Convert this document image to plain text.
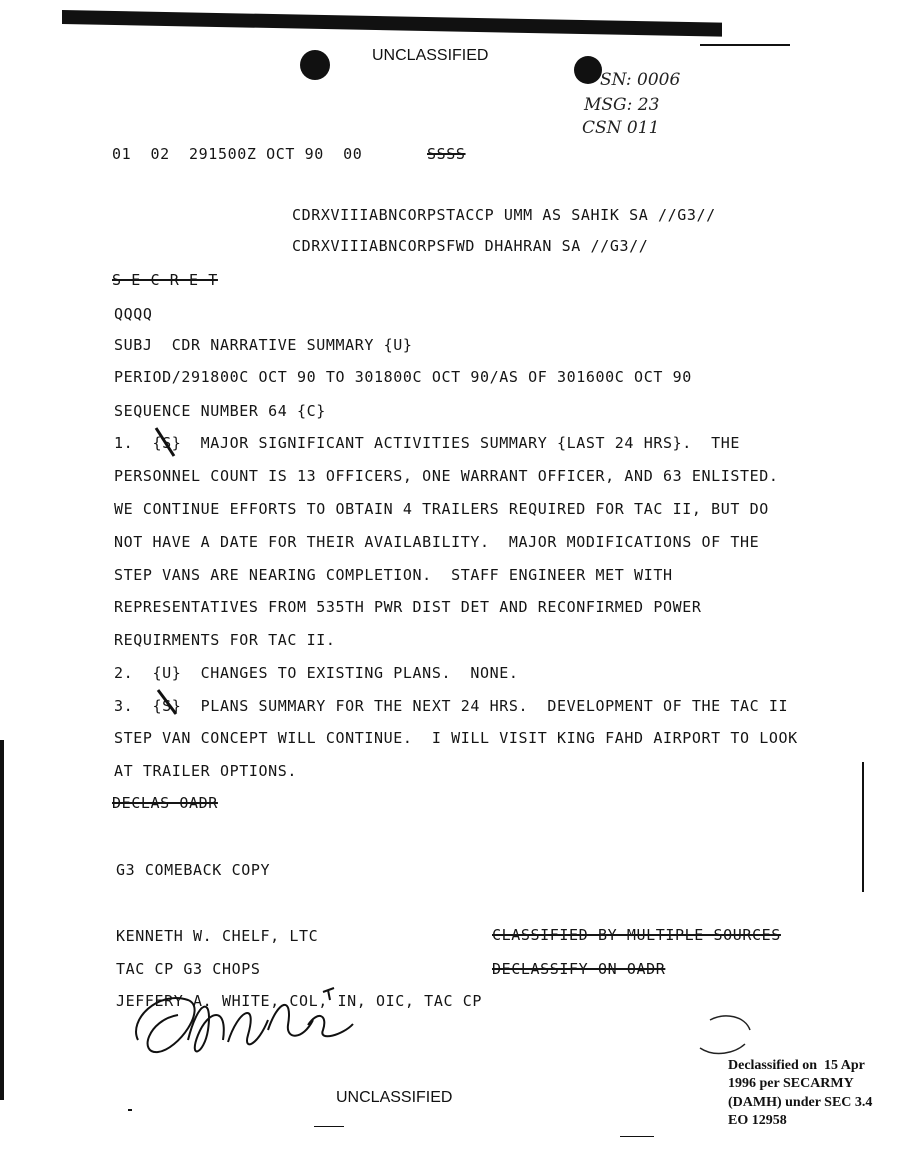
UNCLASSIFIED
SN: 0006
MSG: 23
CSN 011
01  02  291500Z OCT 90  00	SSSS
CDRXVIIIABNCORPSTACCP UMM AS SAHIK SA //G3//
CDRXVIIIABNCORPSFWD DHAHRAN SA //G3//
S E C R E T
QQQQ
SUBJ  CDR NARRATIVE SUMMARY {U}
PERIOD/291800C OCT 90 TO 301800C OCT 90/AS OF 301600C OCT 90
SEQUENCE NUMBER 64 {C}
1.  {S}  MAJOR SIGNIFICANT ACTIVITIES SUMMARY {LAST 24 HRS}.  THE
PERSONNEL COUNT IS 13 OFFICERS, ONE WARRANT OFFICER, AND 63 ENLISTED.
WE CONTINUE EFFORTS TO OBTAIN 4 TRAILERS REQUIRED FOR TAC II, BUT DO
NOT HAVE A DATE FOR THEIR AVAILABILITY.  MAJOR MODIFICATIONS OF THE
STEP VANS ARE NEARING COMPLETION.  STAFF ENGINEER MET WITH
REPRESENTATIVES FROM 535TH PWR DIST DET AND RECONFIRMED POWER
REQUIRMENTS FOR TAC II.
2.  {U}  CHANGES TO EXISTING PLANS.  NONE.
3.  {S}  PLANS SUMMARY FOR THE NEXT 24 HRS.  DEVELOPMENT OF THE TAC II
STEP VAN CONCEPT WILL CONTINUE.  I WILL VISIT KING FAHD AIRPORT TO LOOK
AT TRAILER OPTIONS.
DECLAS OADR
G3 COMEBACK COPY
KENNETH W. CHELF, LTC
TAC CP G3 CHOPS
JEFFERY A. WHITE, COL, IN, OIC, TAC CP
CLASSIFIED BY MULTIPLE SOURCES
DECLASSIFY ON OADR
Declassified on  15 Apr
1996 per SECARMY
(DAMH) under SEC 3.4
EO 12958
UNCLASSIFIED
